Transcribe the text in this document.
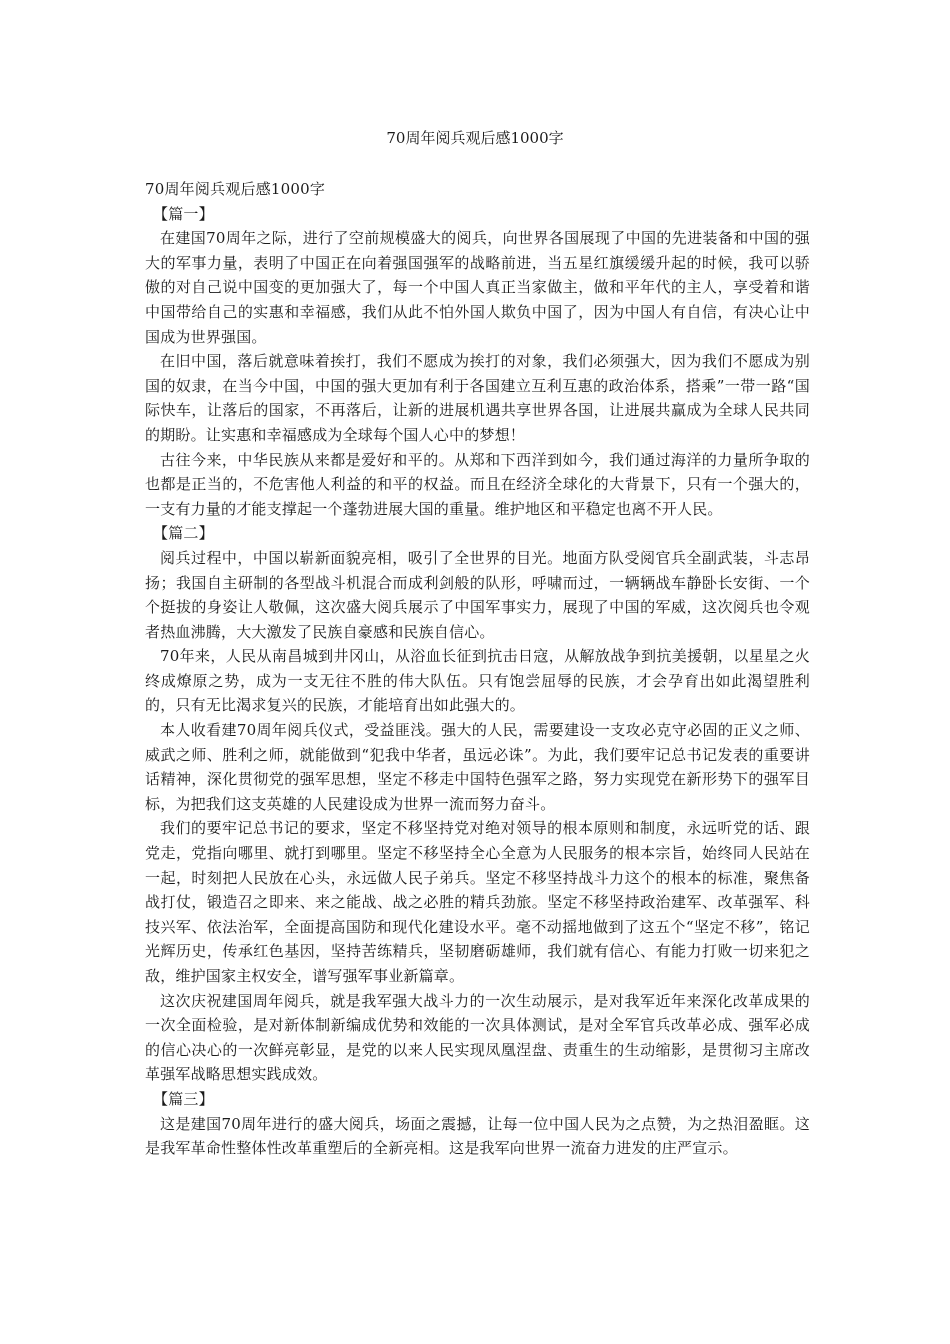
70周年阅兵观后感1000字

70周年阅兵观后感1000字

【篇一】

在建国70周年之际，进行了空前规模盛大的阅兵，向世界各国展现了中国的先进装备和中国的强大的军事力量，表明了中国正在向着强国强军的战略前进，当五星红旗缓缓升起的时候，我可以骄傲的对自己说中国变的更加强大了，每一个中国人真正当家做主，做和平年代的主人，享受着和谐中国带给自己的实惠和幸福感，我们从此不怕外国人欺负中国了，因为中国人有自信，有决心让中国成为世界强国。

在旧中国，落后就意味着挨打，我们不愿成为挨打的对象，我们必须强大，因为我们不愿成为别国的奴隶，在当今中国，中国的强大更加有利于各国建立互利互惠的政治体系，搭乘”一带一路“国际快车，让落后的国家，不再落后，让新的进展机遇共享世界各国，让进展共赢成为全球人民共同的期盼。让实惠和幸福感成为全球每个国人心中的梦想！

古往今来，中华民族从来都是爱好和平的。从郑和下西洋到如今，我们通过海洋的力量所争取的也都是正当的，不危害他人利益的和平的权益。而且在经济全球化的大背景下，只有一个强大的，一支有力量的才能支撑起一个蓬勃进展大国的重量。维护地区和平稳定也离不开人民。

【篇二】

阅兵过程中，中国以崭新面貌亮相，吸引了全世界的目光。地面方队受阅官兵全副武装，斗志昂扬；我国自主研制的各型战斗机混合而成利剑般的队形，呼啸而过，一辆辆战车静卧长安街、一个个挺拔的身姿让人敬佩，这次盛大阅兵展示了中国军事实力，展现了中国的军威，这次阅兵也令观者热血沸腾，大大激发了民族自豪感和民族自信心。

70年来，人民从南昌城到井冈山，从浴血长征到抗击日寇，从解放战争到抗美援朝，以星星之火终成燎原之势，成为一支无往不胜的伟大队伍。只有饱尝屈辱的民族，才会孕育出如此渴望胜利的，只有无比渴求复兴的民族，才能培育出如此强大的。

本人收看建70周年阅兵仪式，受益匪浅。强大的人民，需要建设一支攻必克守必固的正义之师、威武之师、胜利之师，就能做到“犯我中华者，虽远必诛”。为此，我们要牢记总书记发表的重要讲话精神，深化贯彻党的强军思想，坚定不移走中国特色强军之路，努力实现党在新形势下的强军目标，为把我们这支英雄的人民建设成为世界一流而努力奋斗。

我们的要牢记总书记的要求，坚定不移坚持党对绝对领导的根本原则和制度，永远听党的话、跟党走，党指向哪里、就打到哪里。坚定不移坚持全心全意为人民服务的根本宗旨，始终同人民站在一起，时刻把人民放在心头，永远做人民子弟兵。坚定不移坚持战斗力这个的根本的标准，聚焦备战打仗，锻造召之即来、来之能战、战之必胜的精兵劲旅。坚定不移坚持政治建军、改革强军、科技兴军、依法治军，全面提高国防和现代化建设水平。毫不动摇地做到了这五个“坚定不移”，铭记光辉历史，传承红色基因，坚持苦练精兵，坚韧磨砺雄师，我们就有信心、有能力打败一切来犯之敌，维护国家主权安全，谱写强军事业新篇章。

这次庆祝建国周年阅兵，就是我军强大战斗力的一次生动展示，是对我军近年来深化改革成果的一次全面检验，是对新体制新编成优势和效能的一次具体测试，是对全军官兵改革必成、强军必成的信心决心的一次鲜亮彰显，是党的以来人民实现凤凰涅盘、责重生的生动缩影，是贯彻习主席改革强军战略思想实践成效。

【篇三】

这是建国70周年进行的盛大阅兵，场面之震撼，让每一位中国人民为之点赞，为之热泪盈眶。这是我军革命性整体性改革重塑后的全新亮相。这是我军向世界一流奋力进发的庄严宣示。
